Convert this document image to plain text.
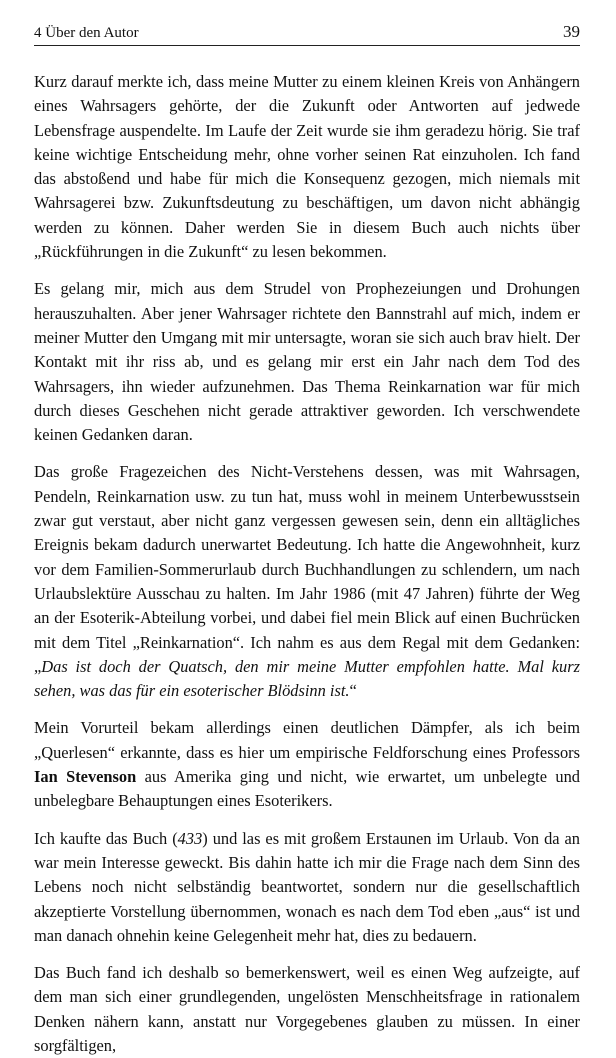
4 Über den Autor	39

Kurz darauf merkte ich, dass meine Mutter zu einem kleinen Kreis von Anhängern eines Wahrsagers gehörte, der die Zukunft oder Antworten auf jedwede Lebensfrage auspendelte. Im Laufe der Zeit wurde sie ihm geradezu hörig. Sie traf keine wichtige Entscheidung mehr, ohne vorher seinen Rat einzuholen. Ich fand das abstoßend und habe für mich die Konsequenz gezogen, mich niemals mit Wahrsagerei bzw. Zukunftsdeutung zu beschäftigen, um davon nicht abhängig werden zu können. Daher werden Sie in diesem Buch auch nichts über „Rückführungen in die Zukunft“ zu lesen bekommen.

Es gelang mir, mich aus dem Strudel von Prophezeiungen und Drohungen herauszuhalten. Aber jener Wahrsager richtete den Bannstrahl auf mich, indem er meiner Mutter den Umgang mit mir untersagte, woran sie sich auch brav hielt. Der Kontakt mit ihr riss ab, und es gelang mir erst ein Jahr nach dem Tod des Wahrsagers, ihn wieder aufzunehmen. Das Thema Reinkarnation war für mich durch dieses Geschehen nicht gerade attraktiver geworden. Ich verschwendete keinen Gedanken daran.

Das große Fragezeichen des Nicht-Verstehens dessen, was mit Wahrsagen, Pendeln, Reinkarnation usw. zu tun hat, muss wohl in meinem Unterbewusstsein zwar gut verstaut, aber nicht ganz vergessen gewesen sein, denn ein alltägliches Ereignis bekam dadurch unerwartet Bedeutung. Ich hatte die Angewohnheit, kurz vor dem Familien-Sommerurlaub durch Buchhandlungen zu schlendern, um nach Urlaubslektüre Ausschau zu halten. Im Jahr 1986 (mit 47 Jahren) führte der Weg an der Esoterik-Abteilung vorbei, und dabei fiel mein Blick auf einen Buchrücken mit dem Titel „Reinkarnation“. Ich nahm es aus dem Regal mit dem Gedanken: „Das ist doch der Quatsch, den mir meine Mutter empfohlen hatte. Mal kurz sehen, was das für ein esoterischer Blödsinn ist.“

Mein Vorurteil bekam allerdings einen deutlichen Dämpfer, als ich beim „Querlesen“ erkannte, dass es hier um empirische Feldforschung eines Professors Ian Stevenson aus Amerika ging und nicht, wie erwartet, um unbelegte und unbelegbare Behauptungen eines Esoterikers.

Ich kaufte das Buch (433) und las es mit großem Erstaunen im Urlaub. Von da an war mein Interesse geweckt. Bis dahin hatte ich mir die Frage nach dem Sinn des Lebens noch nicht selbständig beantwortet, sondern nur die gesellschaftlich akzeptierte Vorstellung übernommen, wonach es nach dem Tod eben „aus“ ist und man danach ohnehin keine Gelegenheit mehr hat, dies zu bedauern.

Das Buch fand ich deshalb so bemerkenswert, weil es einen Weg aufzeigte, auf dem man sich einer grundlegenden, ungelösten Menschheitsfrage in rationalem Denken nähern kann, anstatt nur Vorgegebenes glauben zu müssen. In einer sorgfältigen,
